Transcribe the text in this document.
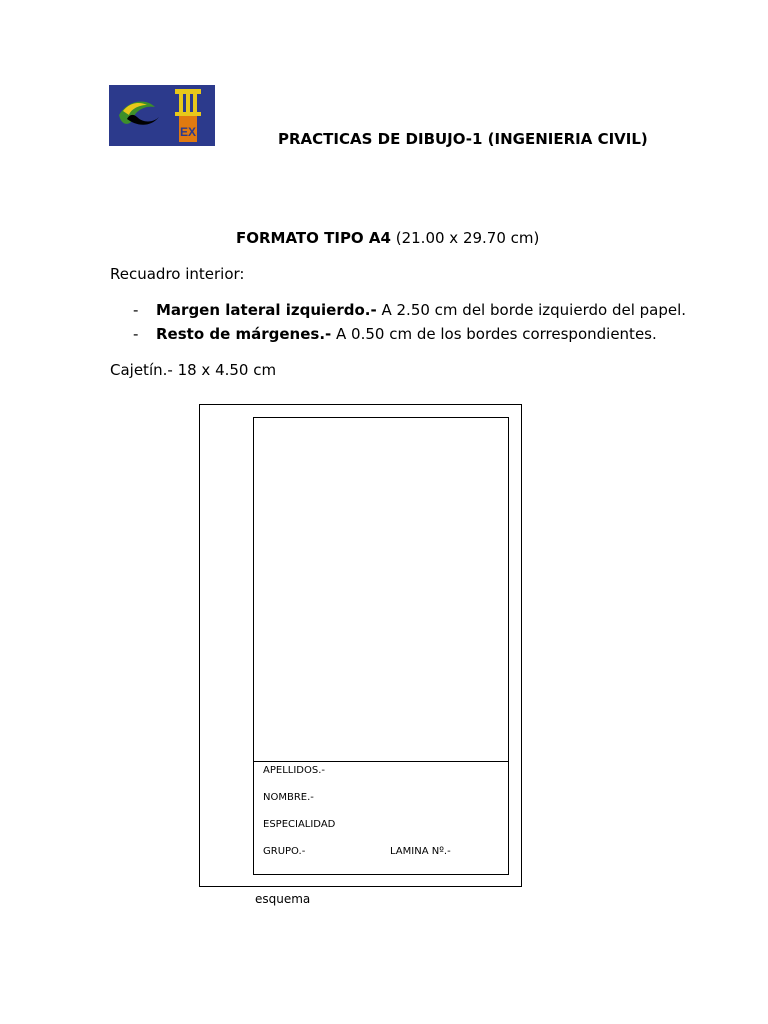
EX	PRACTICAS DE DIBUJO-1 (INGENIERIA CIVIL)
FORMATO TIPO A4 (21.00 x 29.70 cm)
Recuadro interior:
- Margen lateral izquierdo.- A 2.50 cm del borde izquierdo del papel.
- Resto de márgenes.- A 0.50 cm de los bordes correspondientes.
Cajetín.- 18 x 4.50 cm
APELLIDOS.-
NOMBRE.-
ESPECIALIDAD
GRUPO.-	LAMINA Nº.-
esquema
